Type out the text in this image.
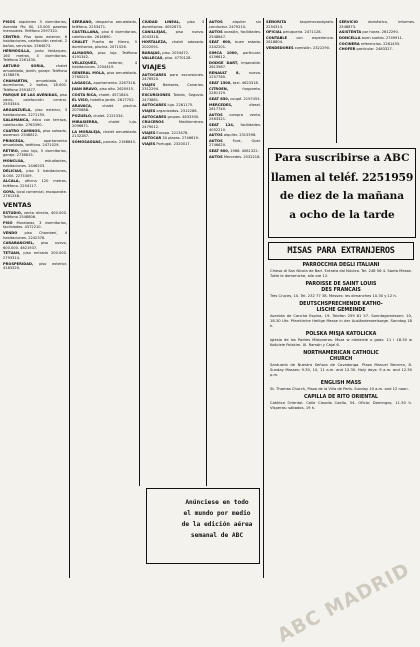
PISOS alquileres 3 dormitorios, Avenida Pio XII, 15.000 pesetas mensuales. Teléfono 2597310.
CENTRO. Piso todo exterior, 6 habitaciones, calefacción central, 2 baños, servicios. 2564873.
HERMOSILLA, junto Velázquez, 160 metros, 4 dormitorios. Teléfono 2261430.
ARTURO SORIA, chalet amueblado, jardín, garaje. Teléfono 4158876.
CHAMARTIN, amueblado, 4 dormitorios, 2 baños, 18.000. Teléfono 2591877.
PARQUE DE LAS AVENIDAS, piso vacío, calefacción central. 2553344.
ARGANZUELA, piso exterior, 3 habitaciones. 2271155.
SALAMANCA, ático con terraza, calefacción. 2763390.
CUATRO CAMINOS, piso soleado, ascensor. 2548812.
PRINCESA, apartamento amueblado, teléfono. 2471029.
RETIRO, piso lujo, 5 dormitorios, garaje. 2736615.
MONCLOA, estudiantes, habitaciones. 2446203.
DELICIAS, piso 3 habitaciones, 8.000. 2275309.
ALCALA, oficina 120 metros, teléfono. 2254117.
GOYA, local comercial, escaparate. 2761248.
VENTAS
ESTUDIO, venta directa, 400.000. Teléfono 2548806.
PISO Moratalaz, 3 dormitorios, facilidades. 4372210.
VENDO piso Chamberí, 4 habitaciones. 2242376.
CARABANCHEL, piso nuevo, 600.000. 4621937.
TETUAN, piso entrada 200.000. 2793314.
PROSPERIDAD, piso exterior. 4163320.
SERRANO, despacho amueblado, teléfono. 2253471.
CASTELLANA, piso 6 dormitorios, calefacción. 2616890.
CHALET Puerta de Hierro, 5 dormitorios, piscina. 2071526.
ALMAGRO, piso lujo. Teléfono 4191342.
VELAZQUEZ, exterior, 4 habitaciones. 2254419.
GENERAL MOLA, piso amueblado. 2760023.
LAGASCA, apartamento. 2267318.
JUAN BRAVO, piso alto. 2620915.
COSTA RICA, chalet. 4571844.
EL VISO, hotelito jardín. 2617702.
ARAVACA, chalet piscina. 2070688.
POZUELO, chalet. 2121534.
MIRASIERRA, chalet lujo. 2096671.
LA MORALEJA, chalet amueblado. 2132287.
SOMOSAGUAS, parcela. 2168843.
CIUDAD LINEAL, piso 3 dormitorios. 4052673.
CANILLEJAS, piso nuevo. 2043318.
HORTALEZA, chalet adosado. 2022091.
BARAJAS, piso. 2054472.
VALLECAS, piso. 4770128.
VIAJES
AUTOCARES para excursiones. 2476520.
VIAJES Baleares, Canarias. 2312294.
EXCURSIONES Toledo, Segovia. 2473881.
AUTOCARES lujo. 2261175.
VIAJES organizados. 2312286.
AUTOCARES grupos. 4633300.
CRUCEROS Mediterráneo. 2479012.
VIAJES Europa. 2213478.
AUTOCAR 30 plazas. 2746619.
VIAJES Portugal. 2320017.
AUTOS alquiler sin conductor. 2479210.
AUTOS ocasión, facilidades. 2548847.
SEAT 600, buen estado. 2342201.
SIMCA 1000, particular. 4156612.
DODGE DART, impecable. 2613987.
RENAULT 8, nuevo. 2257760.
SEAT 1500, taxi. 4623318.
CITROEN, furgoneta. 2281129.
SEAT 850, coupé. 2197455.
MERCEDES, diesel. 2617740.
AUTOS compra venta. 2563321.
SEAT 124, facilidades. 4052210.
AUTOS alquiler. 2315598.
AUTOS Ford, Opel. 2746620.
SEAT 600, 1968. 4081322.
AUTOS Mercedes. 2532218.
SEÑORITA taquimecanógrafa. 2254313.
OFICIAL peluquería. 2471128.
CONTABLE con experiencia. 2618804.
VENDEDORES comisión. 2322290.
SERVICIO doméstico, informes. 2548873.
ASISTENTA por horas. 2612290.
DONCELLA buen sueldo. 2749911.
COCINERA referencias. 2261455.
CHOFER particular. 2483327.
Para suscribirse a ABC
llamen al teléf. 2251959
de diez de la mañana
a ocho de la tarde
MISAS PARA EXTRANJEROS
PARROCCHIA DEGLI ITALIANI
Chiesa di San Nicola de Bari. Entrata dal Núcleo. Tel. 248 56 4. Santa Messe. Tutte le domeniche, alle ore 12.
PAROISSE DE SAINT LOUIS
DES FRANCAIS
Tres Cruces, 10. Tel. 232 77 38. Messes: les dimanches 10.30 y 12 h.
DEUTSCHSPRECHENDE KATHO-
LISCHE GEMEINDE
Avenida de Concha Espina, 19. Telefon 259 81 57. Sonntagsmessen: 10, 18.30 Uhr. Pfarrkirche Heilige Messe in der Ausländerseelsorge. Sonntag 18 h.
POLSKA MISJA KATOLICKA
Iglesia de los Padres Misioneros. Msza w niedziele o godz. 11 i 18.30 w Kościele Polskim. Ul. Ramón y Cajal 6.
NORTHAMERICAN CATHOLIC
CHURCH
Santuario de Nuestra Señora de Covadonga. Plaza Manuel Becerra, 8. Sunday Masses: 9.30, 10, 11 a.m. and 12.30. Holy days: 9 a.m. and 12.30 p.m.
ENGLISH MASS
St. Thomas Church, Plaza de la Villa de París. Sunday 10 a.m. and 12 noon.
CAPILLA DE RITO ORIENTAL
Católica Oriental. Calle Claudio Coello, 54. Oficio: Domingos, 11.30 h. Vísperas: sábados, 19 h.
Anúnciese en todo
el mundo por medio
de la edición aérea
semanal de ABC
ABC MADRID
